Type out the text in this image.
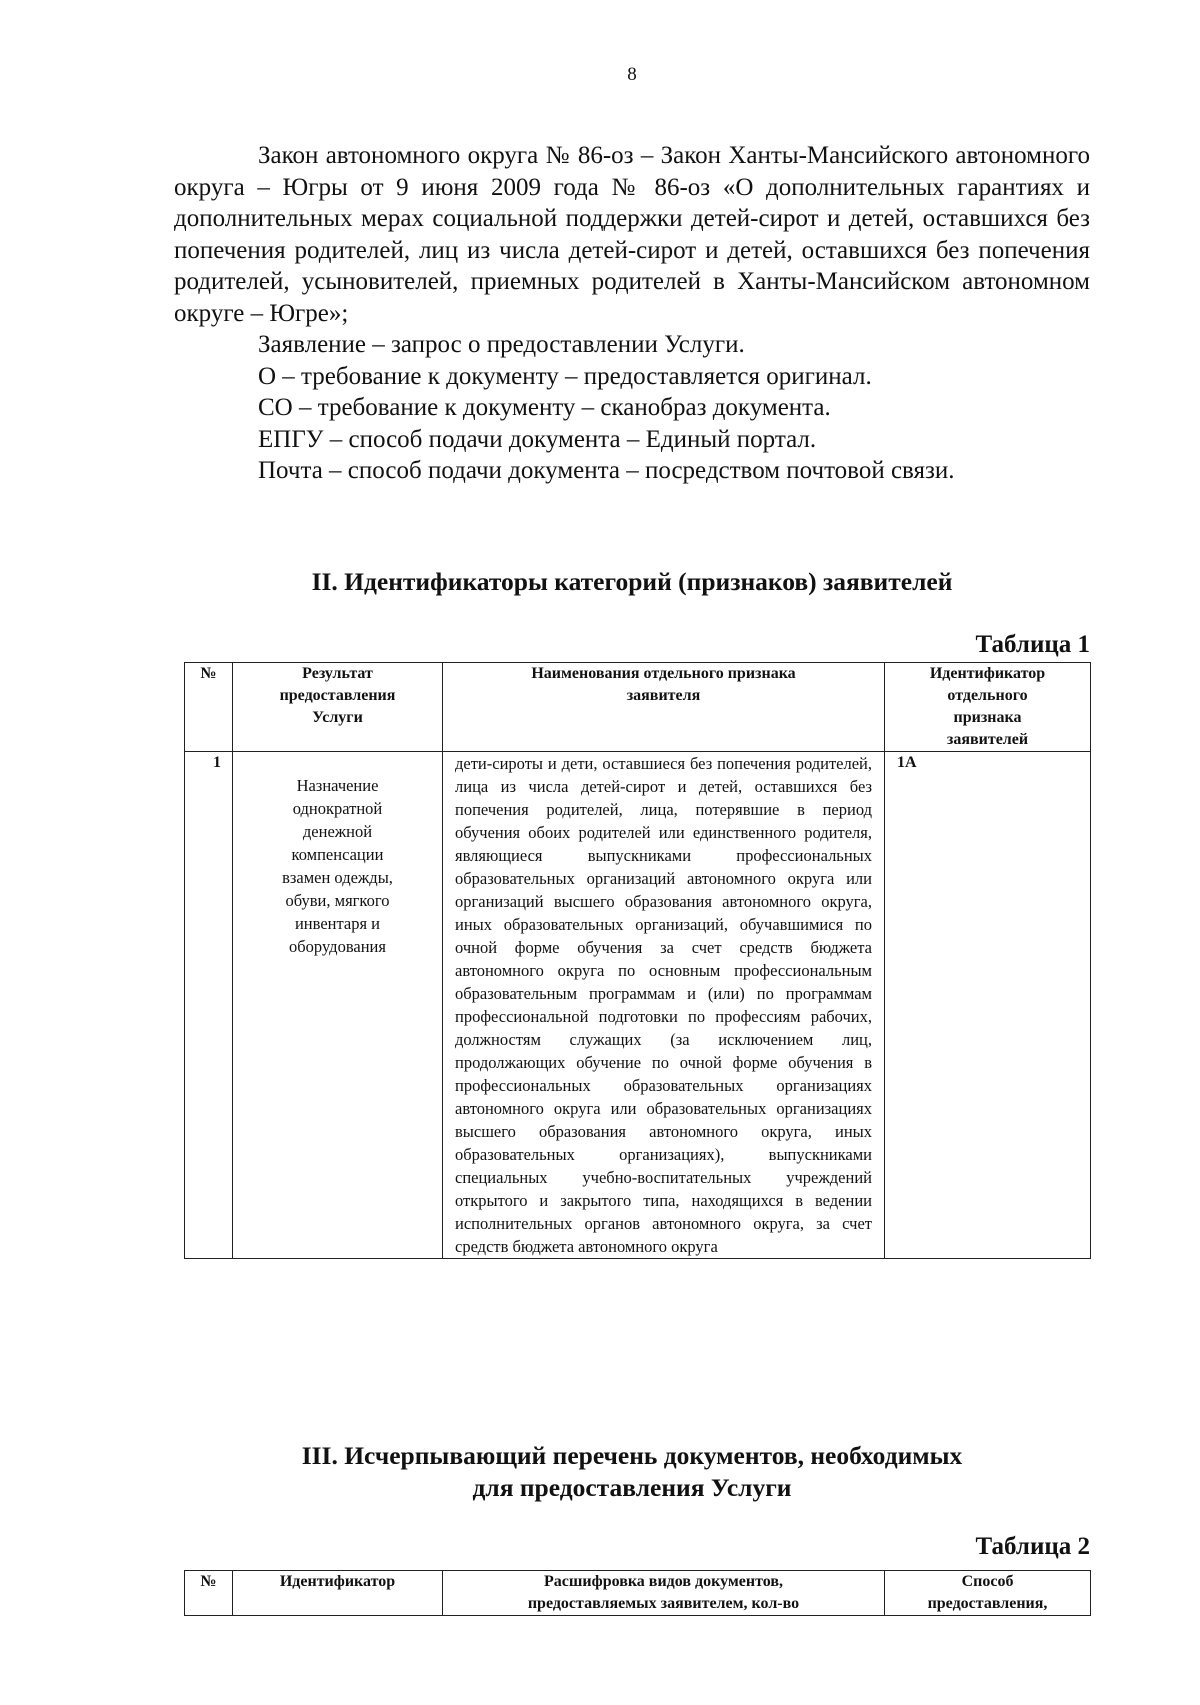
8

Закон автономного округа № 86-оз – Закон Ханты-Мансийского автономного округа – Югры от 9 июня 2009 года № 86-оз «О дополнительных гарантиях и дополнительных мерах социальной поддержки детей-сирот и детей, оставшихся без попечения родителей, лиц из числа детей-сирот и детей, оставшихся без попечения родителей, усыновителей, приемных родителей в Ханты-Мансийском автономном округе – Югре»;

Заявление – запрос о предоставлении Услуги.

О – требование к документу – предоставляется оригинал.

СО – требование к документу – сканобраз документа.

ЕПГУ – способ подачи документа – Единый портал.

Почта – способ подачи документа – посредством почтовой связи.

II. Идентификаторы категорий (признаков) заявителей
Таблица 1
№	Результат предоставления Услуги	Наименования отдельного признака заявителя	Идентификатор отдельного признака заявителей
1	Назначение однократной денежной компенсации взамен одежды, обуви, мягкого инвентаря и оборудования	дети-сироты и дети, оставшиеся без попечения родителей, лица из числа детей-сирот и детей, оставшихся без попечения родителей, лица, потерявшие в период обучения обоих родителей или единственного родителя, являющиеся выпускниками профессиональных образовательных организаций автономного округа или организаций высшего образования автономного округа, иных образовательных организаций, обучавшимися по очной форме обучения за счет средств бюджета автономного округа по основным профессиональным образовательным программам и (или) по программам профессиональной подготовки по профессиям рабочих, должностям служащих (за исключением лиц, продолжающих обучение по очной форме обучения в профессиональных образовательных организациях автономного округа или образовательных организациях высшего образования автономного округа, иных образовательных организациях), выпускниками специальных учебно-воспитательных учреждений открытого и закрытого типа, находящихся в ведении исполнительных органов автономного округа, за счет средств бюджета автономного округа	1А
III. Исчерпывающий перечень документов, необходимых
для предоставления Услуги
Таблица 2
№	Идентификатор	Расшифровка видов документов, предоставляемых заявителем, кол-во	Способ предоставления,
